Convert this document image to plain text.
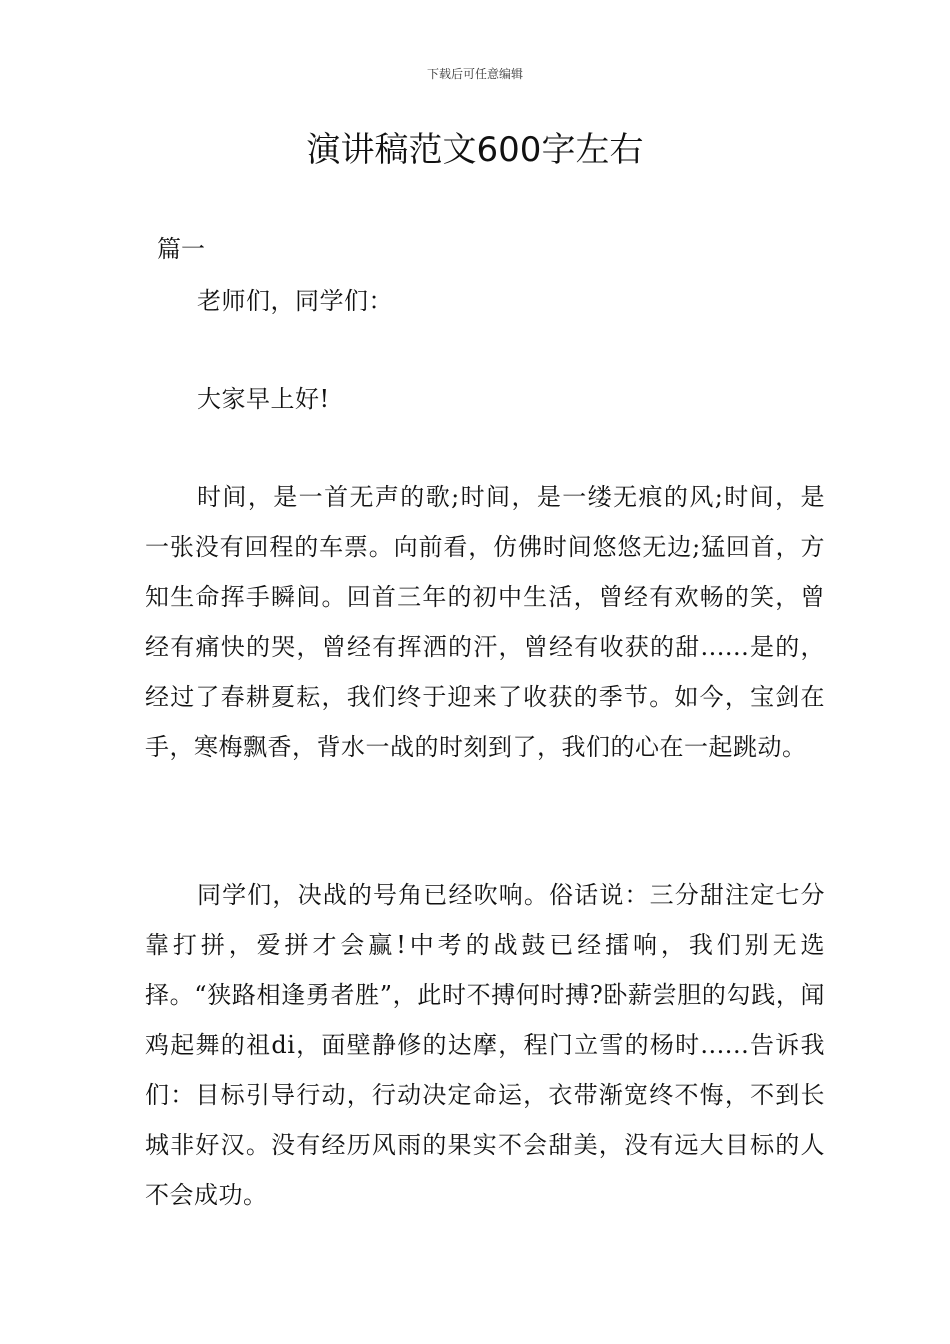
下载后可任意编辑
演讲稿范文600字左右
篇一

老师们，同学们：

大家早上好!

时间，是一首无声的歌;时间，是一缕无痕的风;时间，是一张没有回程的车票。向前看，仿佛时间悠悠无边;猛回首，方知生命挥手瞬间。回首三年的初中生活，曾经有欢畅的笑，曾经有痛快的哭，曾经有挥洒的汗，曾经有收获的甜......是的，经过了春耕夏耘，我们终于迎来了收获的季节。如今，宝剑在手，寒梅飘香，背水一战的时刻到了，我们的心在一起跳动。

同学们，决战的号角已经吹响。俗话说：三分甜注定七分靠打拼，爱拼才会赢!中考的战鼓已经擂响，我们别无选择。“狭路相逢勇者胜”，此时不搏何时搏?卧薪尝胆的勾践，闻鸡起舞的祖di，面壁静修的达摩，程门立雪的杨时......告诉我们：目标引导行动，行动决定命运，衣带渐宽终不悔，不到长城非好汉。没有经历风雨的果实不会甜美，没有远大目标的人不会成功。
